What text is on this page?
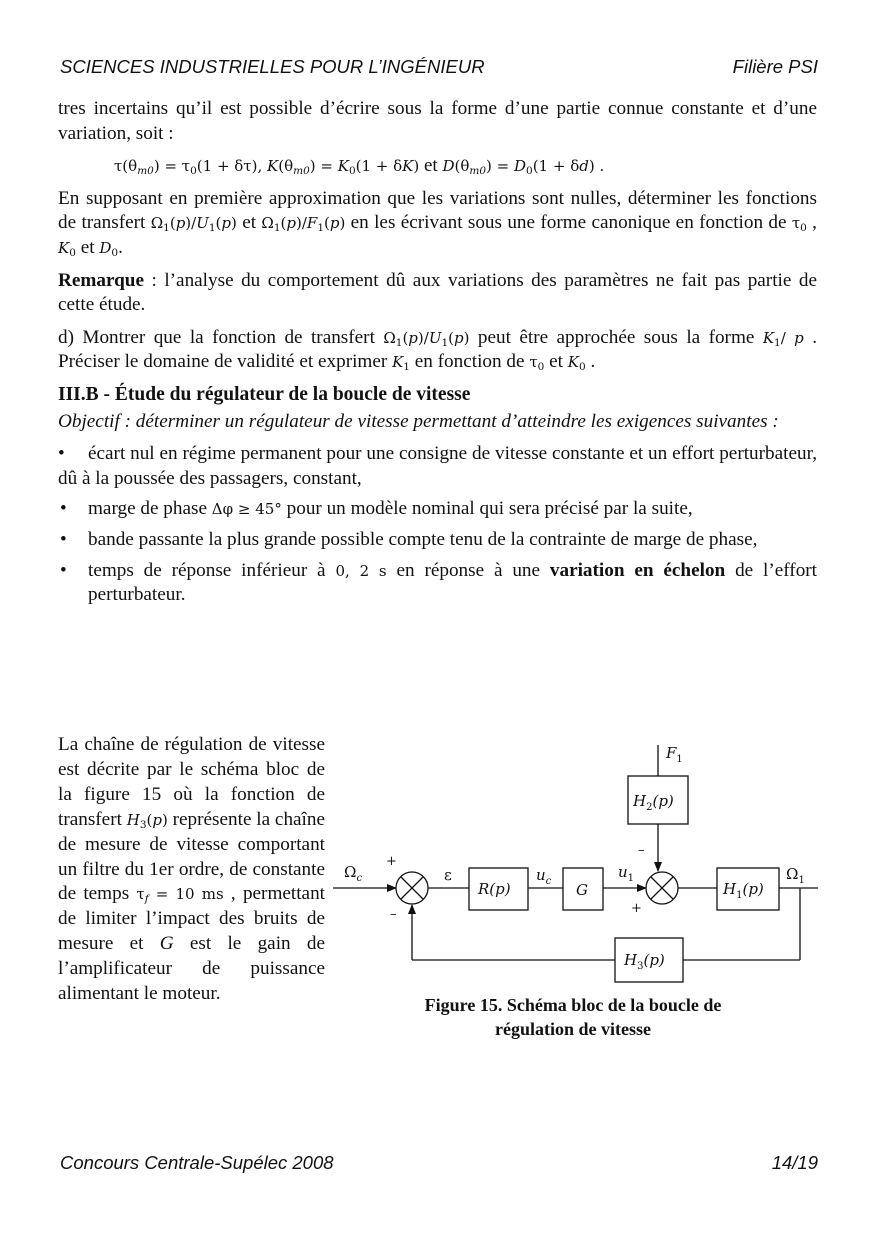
SCIENCES INDUSTRIELLES POUR L’INGÉNIEUR	Filière PSI

tres incertains qu’il est possible d’écrire sous la forme d’une partie connue constante et d’une variation, soit :

$\tau(\theta_{m0}) = \tau_0(1 + \delta\tau)$, $K(\theta_{m0}) = K_0(1 + \delta K)$ et $D(\theta_{m0}) = D_0(1 + \delta d)$ .

En supposant en première approximation que les variations sont nulles, déterminer les fonctions de transfert $\Omega_1(p)/U_1(p)$ et $\Omega_1(p)/F_1(p)$ en les écrivant sous une forme canonique en fonction de $\tau_0$ , $K_0$ et $D_0$.

Remarque : l’analyse du comportement dû aux variations des paramètres ne fait pas partie de cette étude.

d) Montrer que la fonction de transfert $\Omega_1(p)/U_1(p)$ peut être approchée sous la forme $K_1/$ p . Préciser le domaine de validité et exprimer $K_1$ en fonction de $\tau_0$ et $K_0$ .

III.B - Étude du régulateur de la boucle de vitesse

Objectif : déterminer un régulateur de vitesse permettant d’atteindre les exigences suivantes :

• écart nul en régime permanent pour une consigne de vitesse constante et un effort perturbateur, dû à la poussée des passagers, constant,
• marge de phase Δφ ≥ 45° pour un modèle nominal qui sera précisé par la suite,
• bande passante la plus grande possible compte tenu de la contrainte de marge de phase,
• temps de réponse inférieur à 0, 2 s en réponse à une variation en échelon de l’effort perturbateur.
La chaîne de régulation de vitesse est décrite par le schéma bloc de la figure 15 où la fonction de transfert $H_3(p)$ représente la chaîne de mesure de vitesse comportant un filtre du 1er ordre, de constante de temps $\tau_f = 10$ ms , permettant de limiter l’impact des bruits de mesure et G est le gain de l’amplificateur de puissance alimentant le moteur.
$\Omega_c$
+
–
ε	$u_c$
$u_1$
–
+
$F_1$
$\Omega_1$
R(p)	G	$H_1(p)$
$H_2(p)$
$H_3(p)$
Figure 15. Schéma bloc de la boucle de
régulation de vitesse
Concours Centrale-Supélec 2008	14/19
